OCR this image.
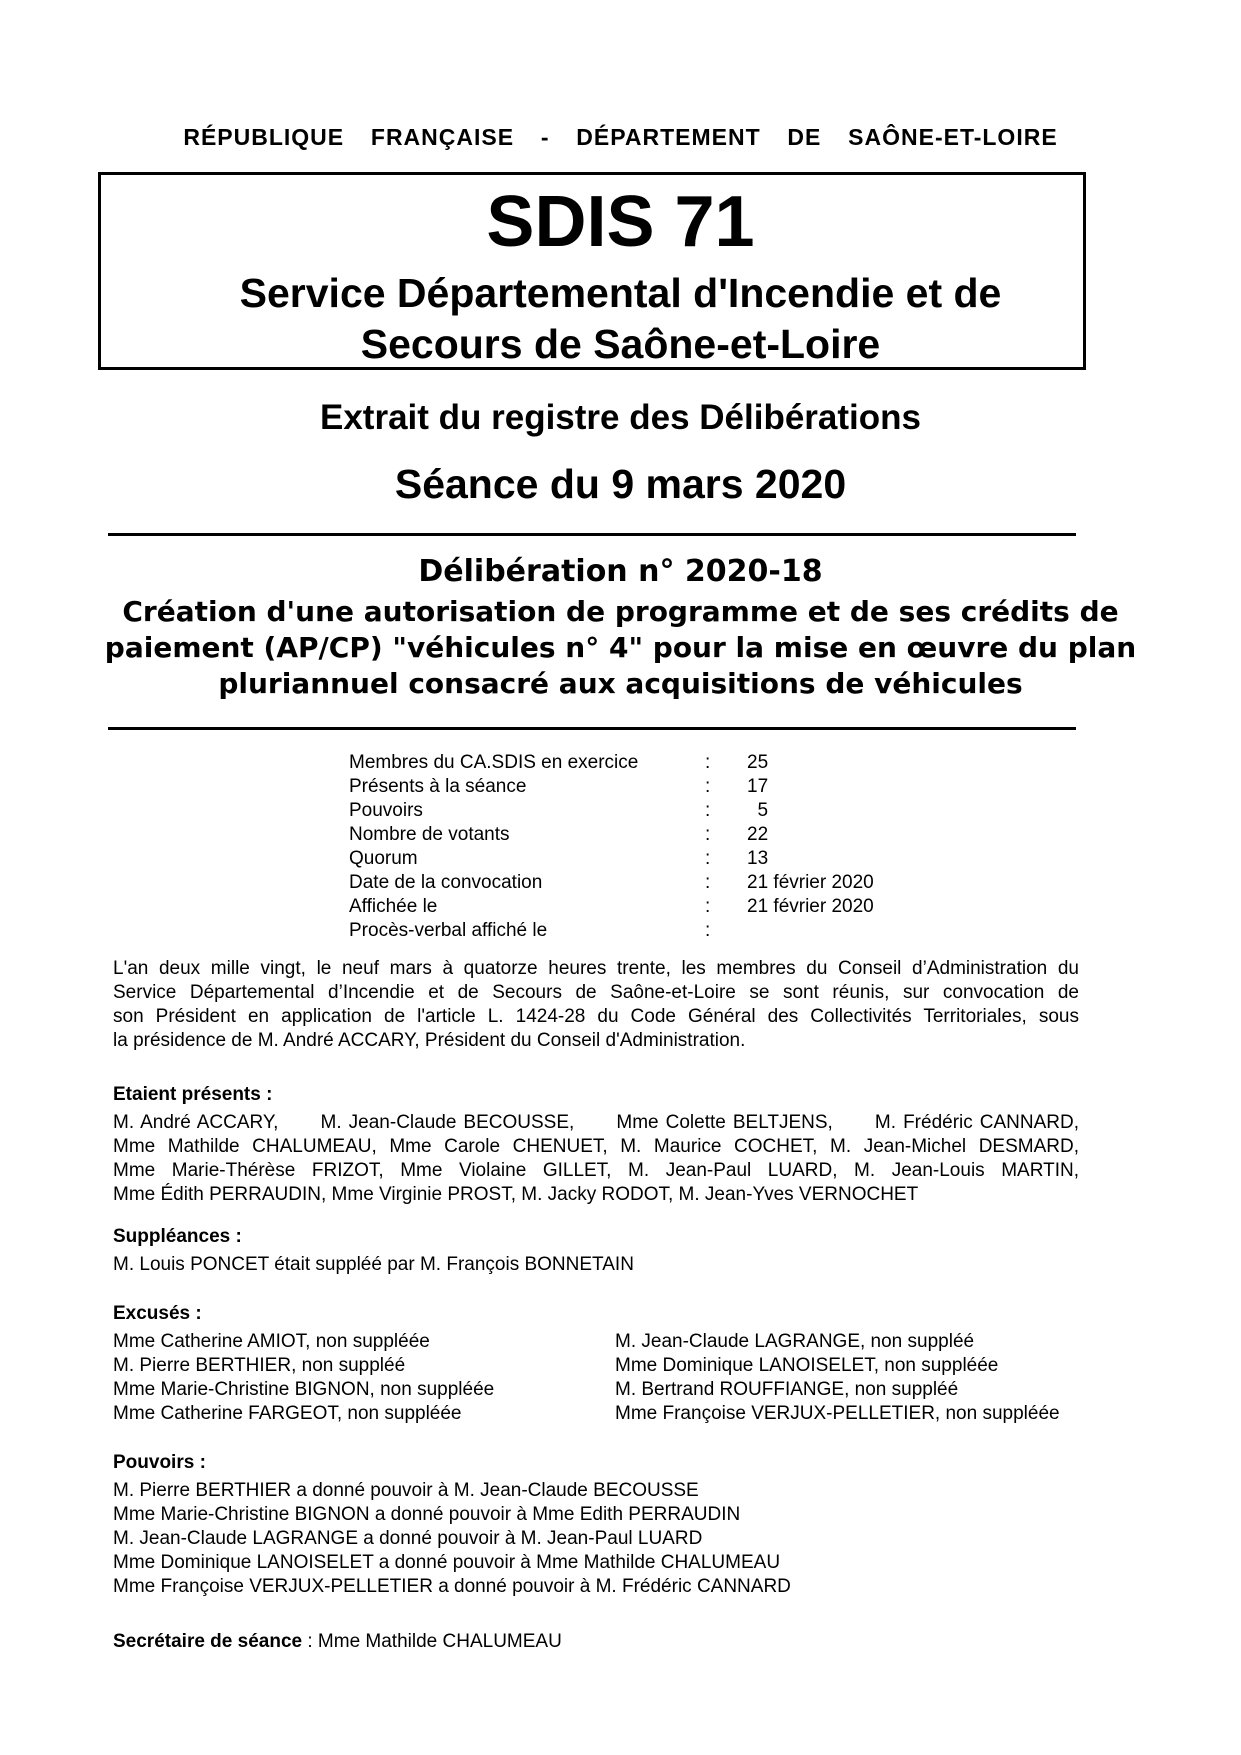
RÉPUBLIQUE  FRANÇAISE  -  DÉPARTEMENT  DE  SAÔNE-ET-LOIRE
SDIS 71
Service Départemental d'Incendie et de
Secours de Saône-et-Loire
Extrait du registre des Délibérations
Séance du 9 mars 2020
Délibération n° 2020-18
Création d'une autorisation de programme et de ses crédits de
paiement (AP/CP) "véhicules n° 4" pour la mise en œuvre du plan
pluriannuel consacré aux acquisitions de véhicules
Membres du CA.SDIS en exercice	: 25
Présents à la séance	: 17
Pouvoirs	: 5
Nombre de votants	: 22
Quorum	: 13
Date de la convocation	: 21 février 2020
Affichée le	: 21 février 2020
Procès-verbal affiché le	:
L'an deux mille vingt, le neuf mars à quatorze heures trente, les membres du Conseil d’Administration du
Service Départemental d’Incendie et de Secours de Saône-et-Loire se sont réunis, sur convocation de
son Président en application de l'article L. 1424-28 du Code Général des Collectivités Territoriales, sous
la présidence de M. André ACCARY, Président du Conseil d'Administration.
Etaient présents :
M. André ACCARY,      M. Jean-Claude BECOUSSE,      Mme Colette BELTJENS,      M. Frédéric CANNARD,
Mme Mathilde CHALUMEAU, Mme Carole CHENUET, M. Maurice COCHET, M. Jean-Michel DESMARD,
Mme Marie-Thérèse FRIZOT, Mme Violaine GILLET, M. Jean-Paul LUARD, M. Jean-Louis MARTIN,
Mme Édith PERRAUDIN, Mme Virginie PROST, M. Jacky RODOT, M. Jean-Yves VERNOCHET
Suppléances :
M. Louis PONCET était suppléé par M. François BONNETAIN
Excusés :
Mme Catherine AMIOT, non suppléée	M. Jean-Claude LAGRANGE, non suppléé
M. Pierre BERTHIER, non suppléé	Mme Dominique LANOISELET, non suppléée
Mme Marie-Christine BIGNON, non suppléée	M. Bertrand ROUFFIANGE, non suppléé
Mme Catherine FARGEOT, non suppléée	Mme Françoise VERJUX-PELLETIER, non suppléée
Pouvoirs :
M. Pierre BERTHIER a donné pouvoir à M. Jean-Claude BECOUSSE
Mme Marie-Christine BIGNON a donné pouvoir à Mme Edith PERRAUDIN
M. Jean-Claude LAGRANGE a donné pouvoir à M. Jean-Paul LUARD
Mme Dominique LANOISELET a donné pouvoir à Mme Mathilde CHALUMEAU
Mme Françoise VERJUX-PELLETIER a donné pouvoir à M. Frédéric CANNARD
Secrétaire de séance : Mme Mathilde CHALUMEAU
